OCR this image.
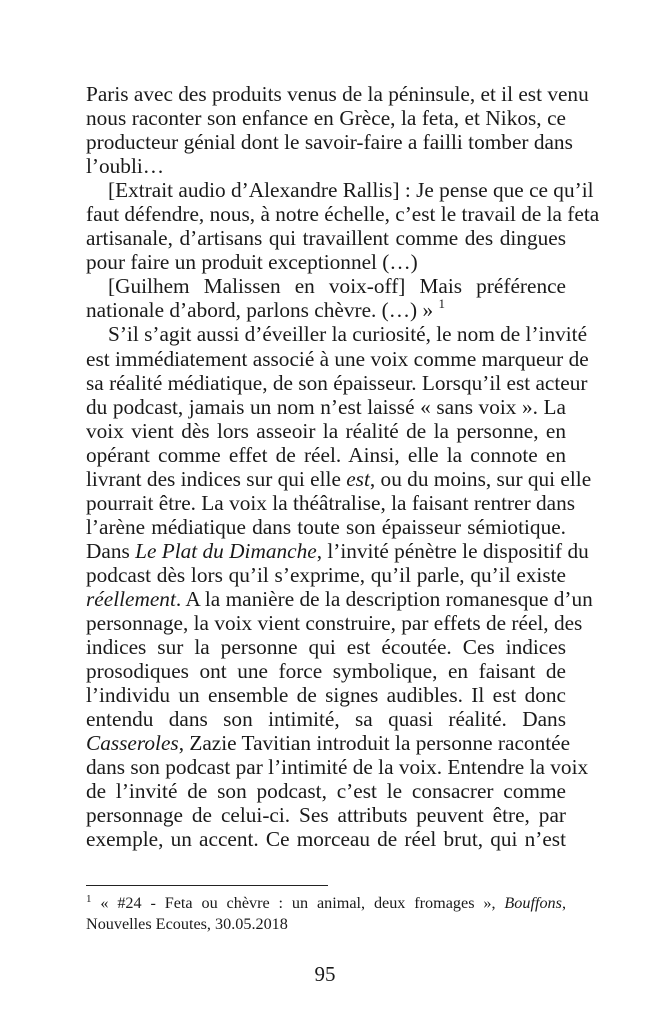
Paris avec des produits venus de la péninsule, et il est venu
nous raconter son enfance en Grèce, la feta, et Nikos, ce
producteur génial dont le savoir-faire a failli tomber dans
l’oubli…
[Extrait audio d’Alexandre Rallis] : Je pense que ce qu’il
faut défendre, nous, à notre échelle, c’est le travail de la feta
artisanale, d’artisans qui travaillent comme des dingues
pour faire un produit exceptionnel (…)
[Guilhem Malissen en voix-off] Mais préférence
nationale d’abord, parlons chèvre. (…) » $^1$
S’il s’agit aussi d’éveiller la curiosité, le nom de l’invité
est immédiatement associé à une voix comme marqueur de
sa réalité médiatique, de son épaisseur. Lorsqu’il est acteur
du podcast, jamais un nom n’est laissé « sans voix ». La
voix vient dès lors asseoir la réalité de la personne, en
opérant comme effet de réel. Ainsi, elle la connote en
livrant des indices sur qui elle est, ou du moins, sur qui elle
pourrait être. La voix la théâtralise, la faisant rentrer dans
l’arène médiatique dans toute son épaisseur sémiotique.
Dans Le Plat du Dimanche, l’invité pénètre le dispositif du
podcast dès lors qu’il s’exprime, qu’il parle, qu’il existe
réellement. A la manière de la description romanesque d’un
personnage, la voix vient construire, par effets de réel, des
indices sur la personne qui est écoutée. Ces indices
prosodiques ont une force symbolique, en faisant de
l’individu un ensemble de signes audibles. Il est donc
entendu dans son intimité, sa quasi réalité. Dans
Casseroles, Zazie Tavitian introduit la personne racontée
dans son podcast par l’intimité de la voix. Entendre la voix
de l’invité de son podcast, c’est le consacrer comme
personnage de celui-ci. Ses attributs peuvent être, par
exemple, un accent. Ce morceau de réel brut, qui n’est
$^1$ « #24 - Feta ou chèvre : un animal, deux fromages », Bouffons,
Nouvelles Ecoutes, 30.05.2018
95
